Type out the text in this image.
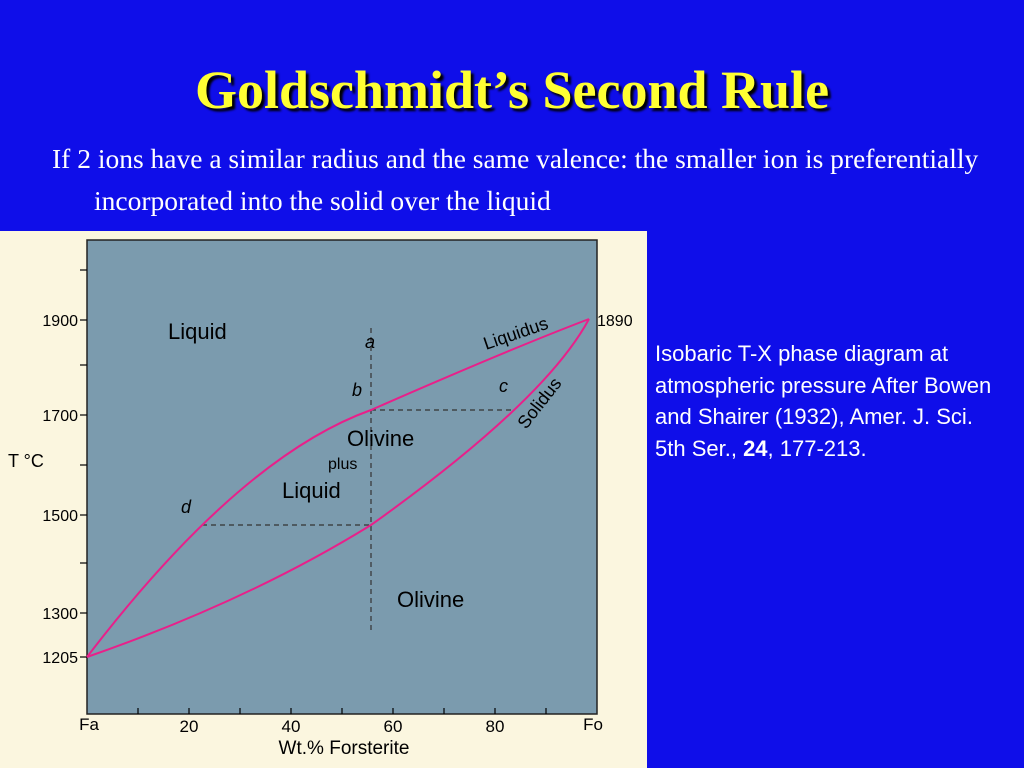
Goldschmidt’s Second Rule

If 2 ions have a similar radius and the same valence: the smaller ion is preferentially incorporated into the solid over the liquid

1900
1700
1500
1300
1205
T °C
1890
Fa	20	40	60	80	Fo
Wt.% Forsterite
Liquid
Olivine
plus
Liquid
Olivine
Liquidus
Solidus
a
b	c
d
Isobaric T-X phase diagram at atmospheric pressure After Bowen and Shairer (1932), Amer. J. Sci. 5th Ser., 24, 177-213.
